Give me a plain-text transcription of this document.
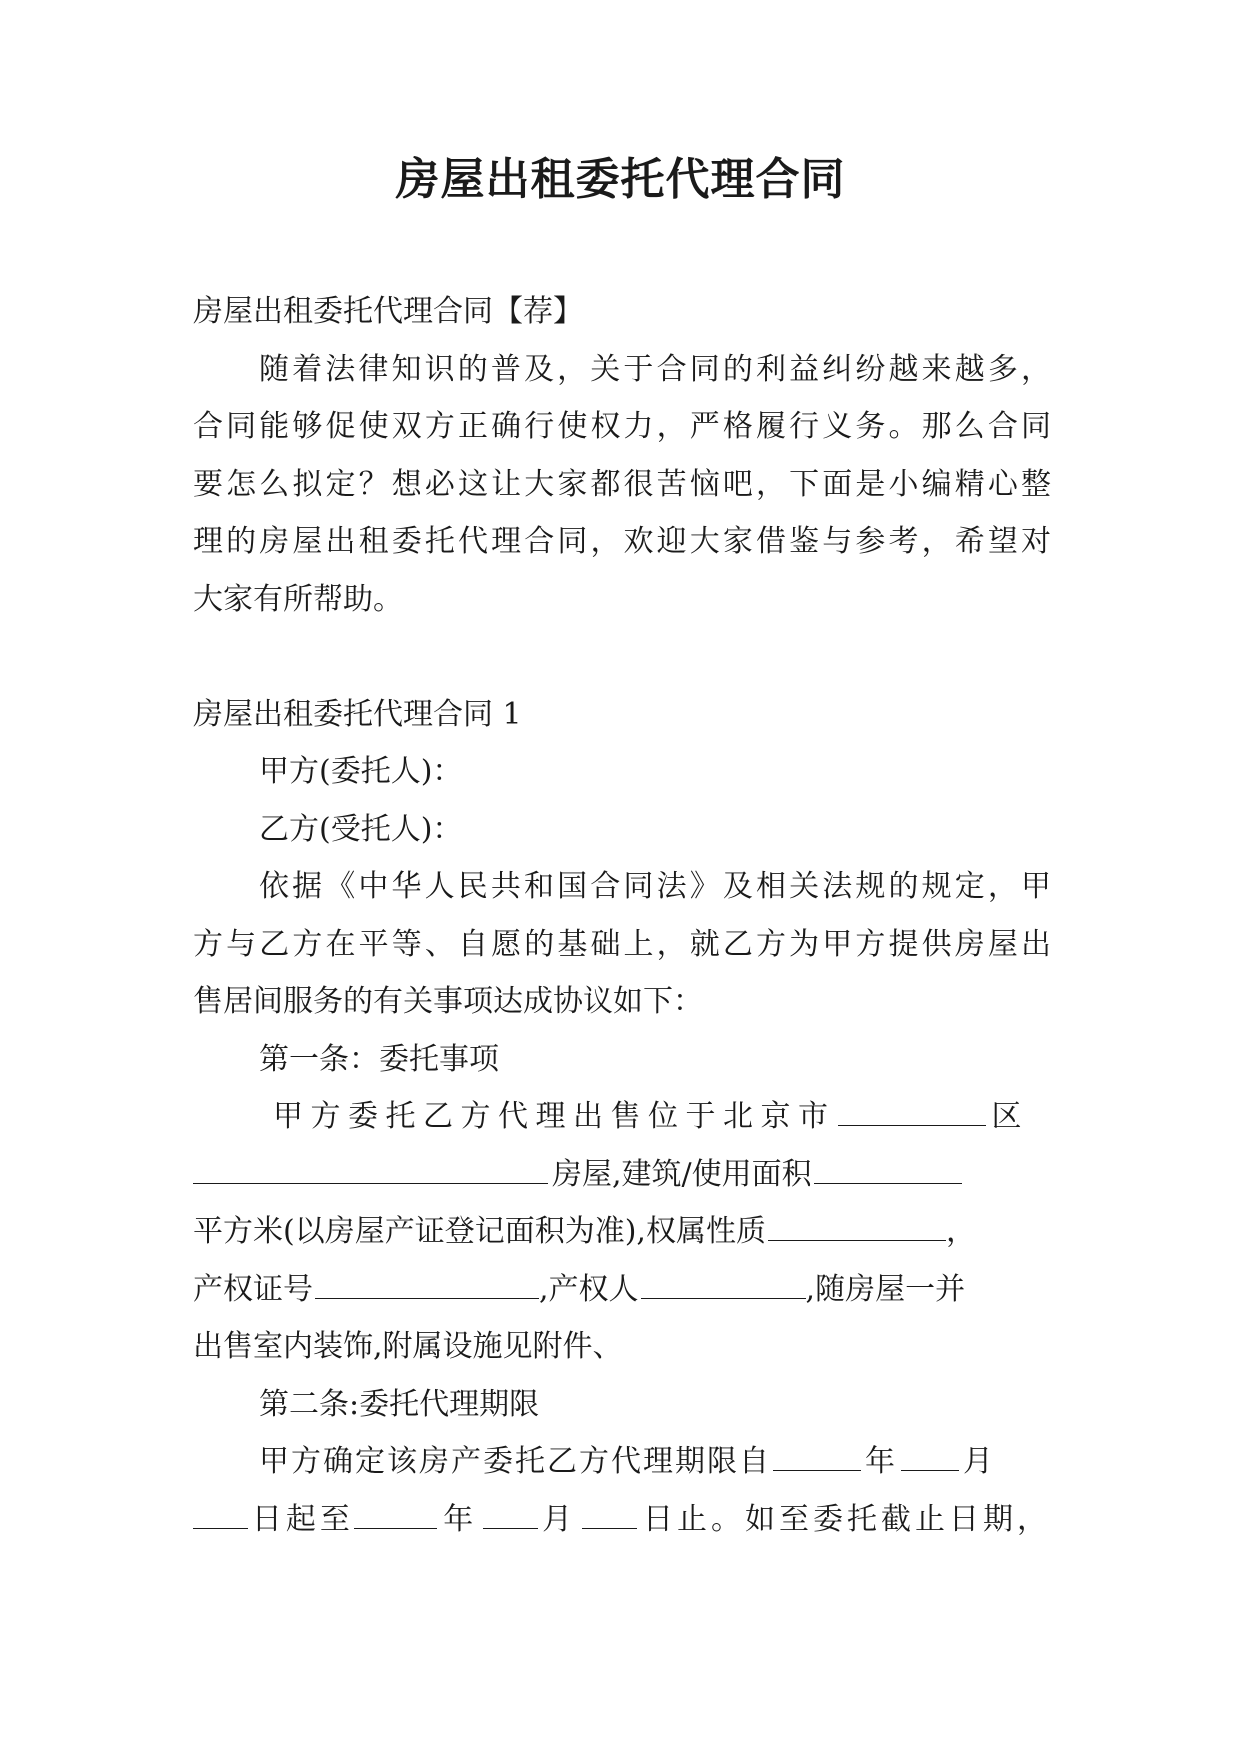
房屋出租委托代理合同

房屋出租委托代理合同【荐】

随着法律知识的普及，关于合同的利益纠纷越来越多，

合同能够促使双方正确行使权力，严格履行义务。那么合同

要怎么拟定？想必这让大家都很苦恼吧，下面是小编精心整

理的房屋出租委托代理合同，欢迎大家借鉴与参考，希望对

大家有所帮助。

房屋出租委托代理合同 1

甲方(委托人)：

乙方(受托人)：

依据《中华人民共和国合同法》及相关法规的规定，甲

方与乙方在平等、自愿的基础上，就乙方为甲方提供房屋出

售居间服务的有关事项达成协议如下：

第一条：委托事项

甲方委托乙方代理出售位于北京市	区

房屋,建筑/使用面积

平方米(以房屋产证登记面积为准),权属性质	，

产权证号	,产权人	,随房屋一并

出售室内装饰,附属设施见附件、

第二条:委托代理期限

甲方确定该房产委托乙方代理期限自	年 月

日起至	年 月 日止。如至委托截止日期，
